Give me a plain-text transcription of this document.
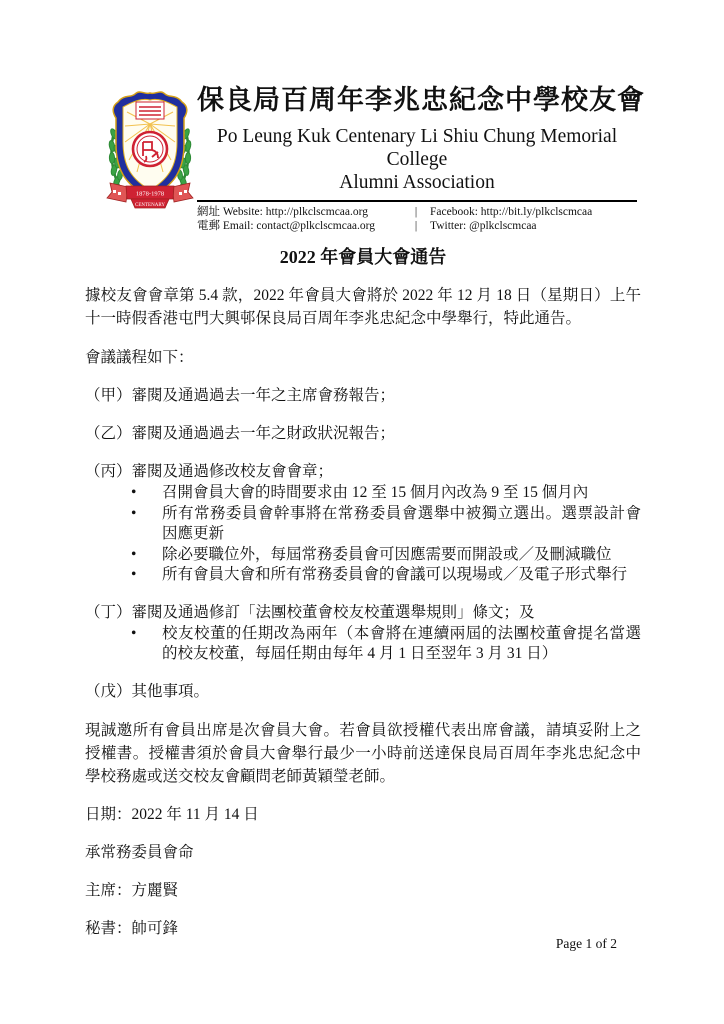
1878-1978
CENTENARY
保良局百周年李兆忠紀念中學校友會
Po Leung Kuk Centenary Li Shiu Chung Memorial College
Alumni Association
網址 Website: http://plkclscmcaa.org	|	Facebook: http://bit.ly/plkclscmcaa
電郵 Email: contact@plkclscmcaa.org	|	Twitter: @plkclscmcaa
2022 年會員大會通告
據校友會會章第 5.4 款，2022 年會員大會將於 2022 年 12 月 18 日（星期日）上午十一時假香港屯門大興邨保良局百周年李兆忠紀念中學舉行，特此通告。
會議議程如下：
（甲）審閱及通過過去一年之主席會務報告；
（乙）審閱及通過過去一年之財政狀況報告；
（丙）審閱及通過修改校友會會章；
• 召開會員大會的時間要求由 12 至 15 個月內改為 9 至 15 個月內
• 所有常務委員會幹事將在常務委員會選舉中被獨立選出。選票設計會因應更新
• 除必要職位外，每屆常務委員會可因應需要而開設或／及刪減職位
• 所有會員大會和所有常務委員會的會議可以現場或／及電子形式舉行
（丁）審閱及通過修訂「法團校董會校友校董選舉規則」條文；及
• 校友校董的任期改為兩年（本會將在連續兩屆的法團校董會提名當選的校友校董，每屆任期由每年 4 月 1 日至翌年 3 月 31 日）
（戊）其他事項。
現誠邀所有會員出席是次會員大會。若會員欲授權代表出席會議，請填妥附上之授權書。授權書須於會員大會舉行最少一小時前送達保良局百周年李兆忠紀念中學校務處或送交校友會顧問老師黃穎瑩老師。
日期：2022 年 11 月 14 日
承常務委員會命
主席：方麗賢
秘書：帥可鋒
Page 1 of 2
